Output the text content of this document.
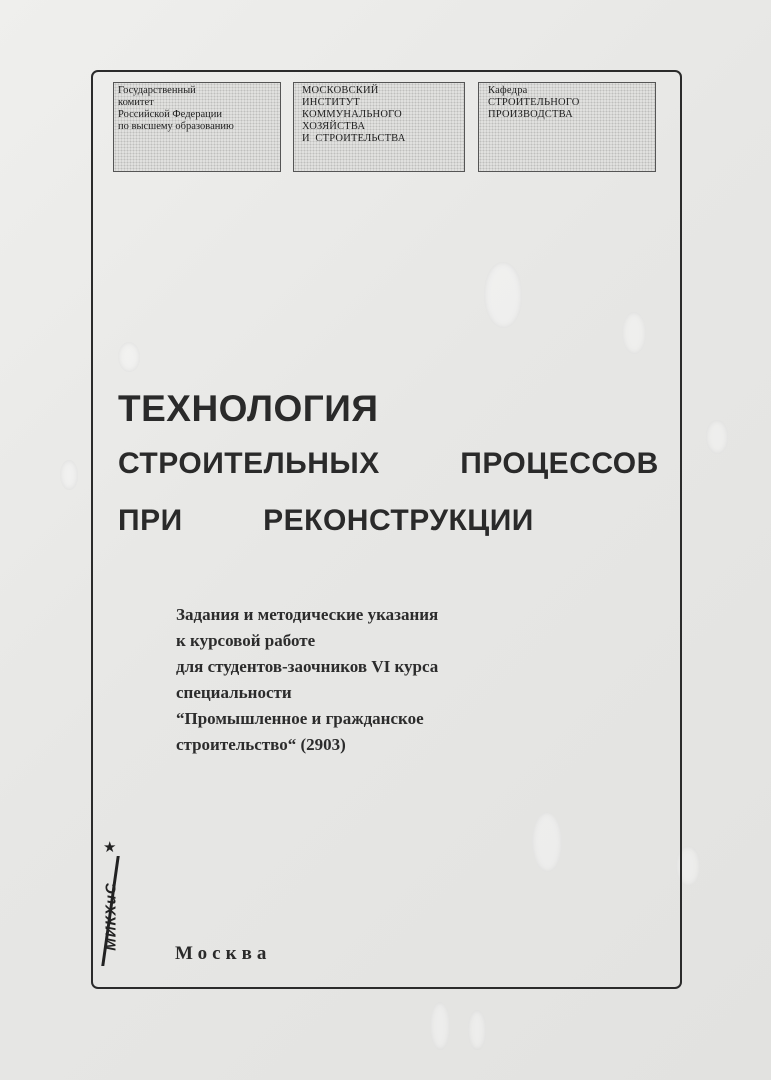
Государственный
комитет
Российской Федерации
по высшему образованию
МОСКОВСКИЙ
ИНСТИТУТ
КОММУНАЛЬНОГО
ХОЗЯЙСТВА
И  СТРОИТЕЛЬСТВА
Кафедра
СТРОИТЕЛЬНОГО
ПРОИЗВОДСТВА
ТЕХНОЛОГИЯ
СТРОИТЕЛЬНЫХ   ПРОЦЕССОВ
ПРИ   РЕКОНСТРУКЦИИ
Задания и методические указания
к курсовой работе
для студентов-заочников VI курса
специальности
“Промышленное и гражданское
строительство“ (2903)
★
МИКХиС
Москва
